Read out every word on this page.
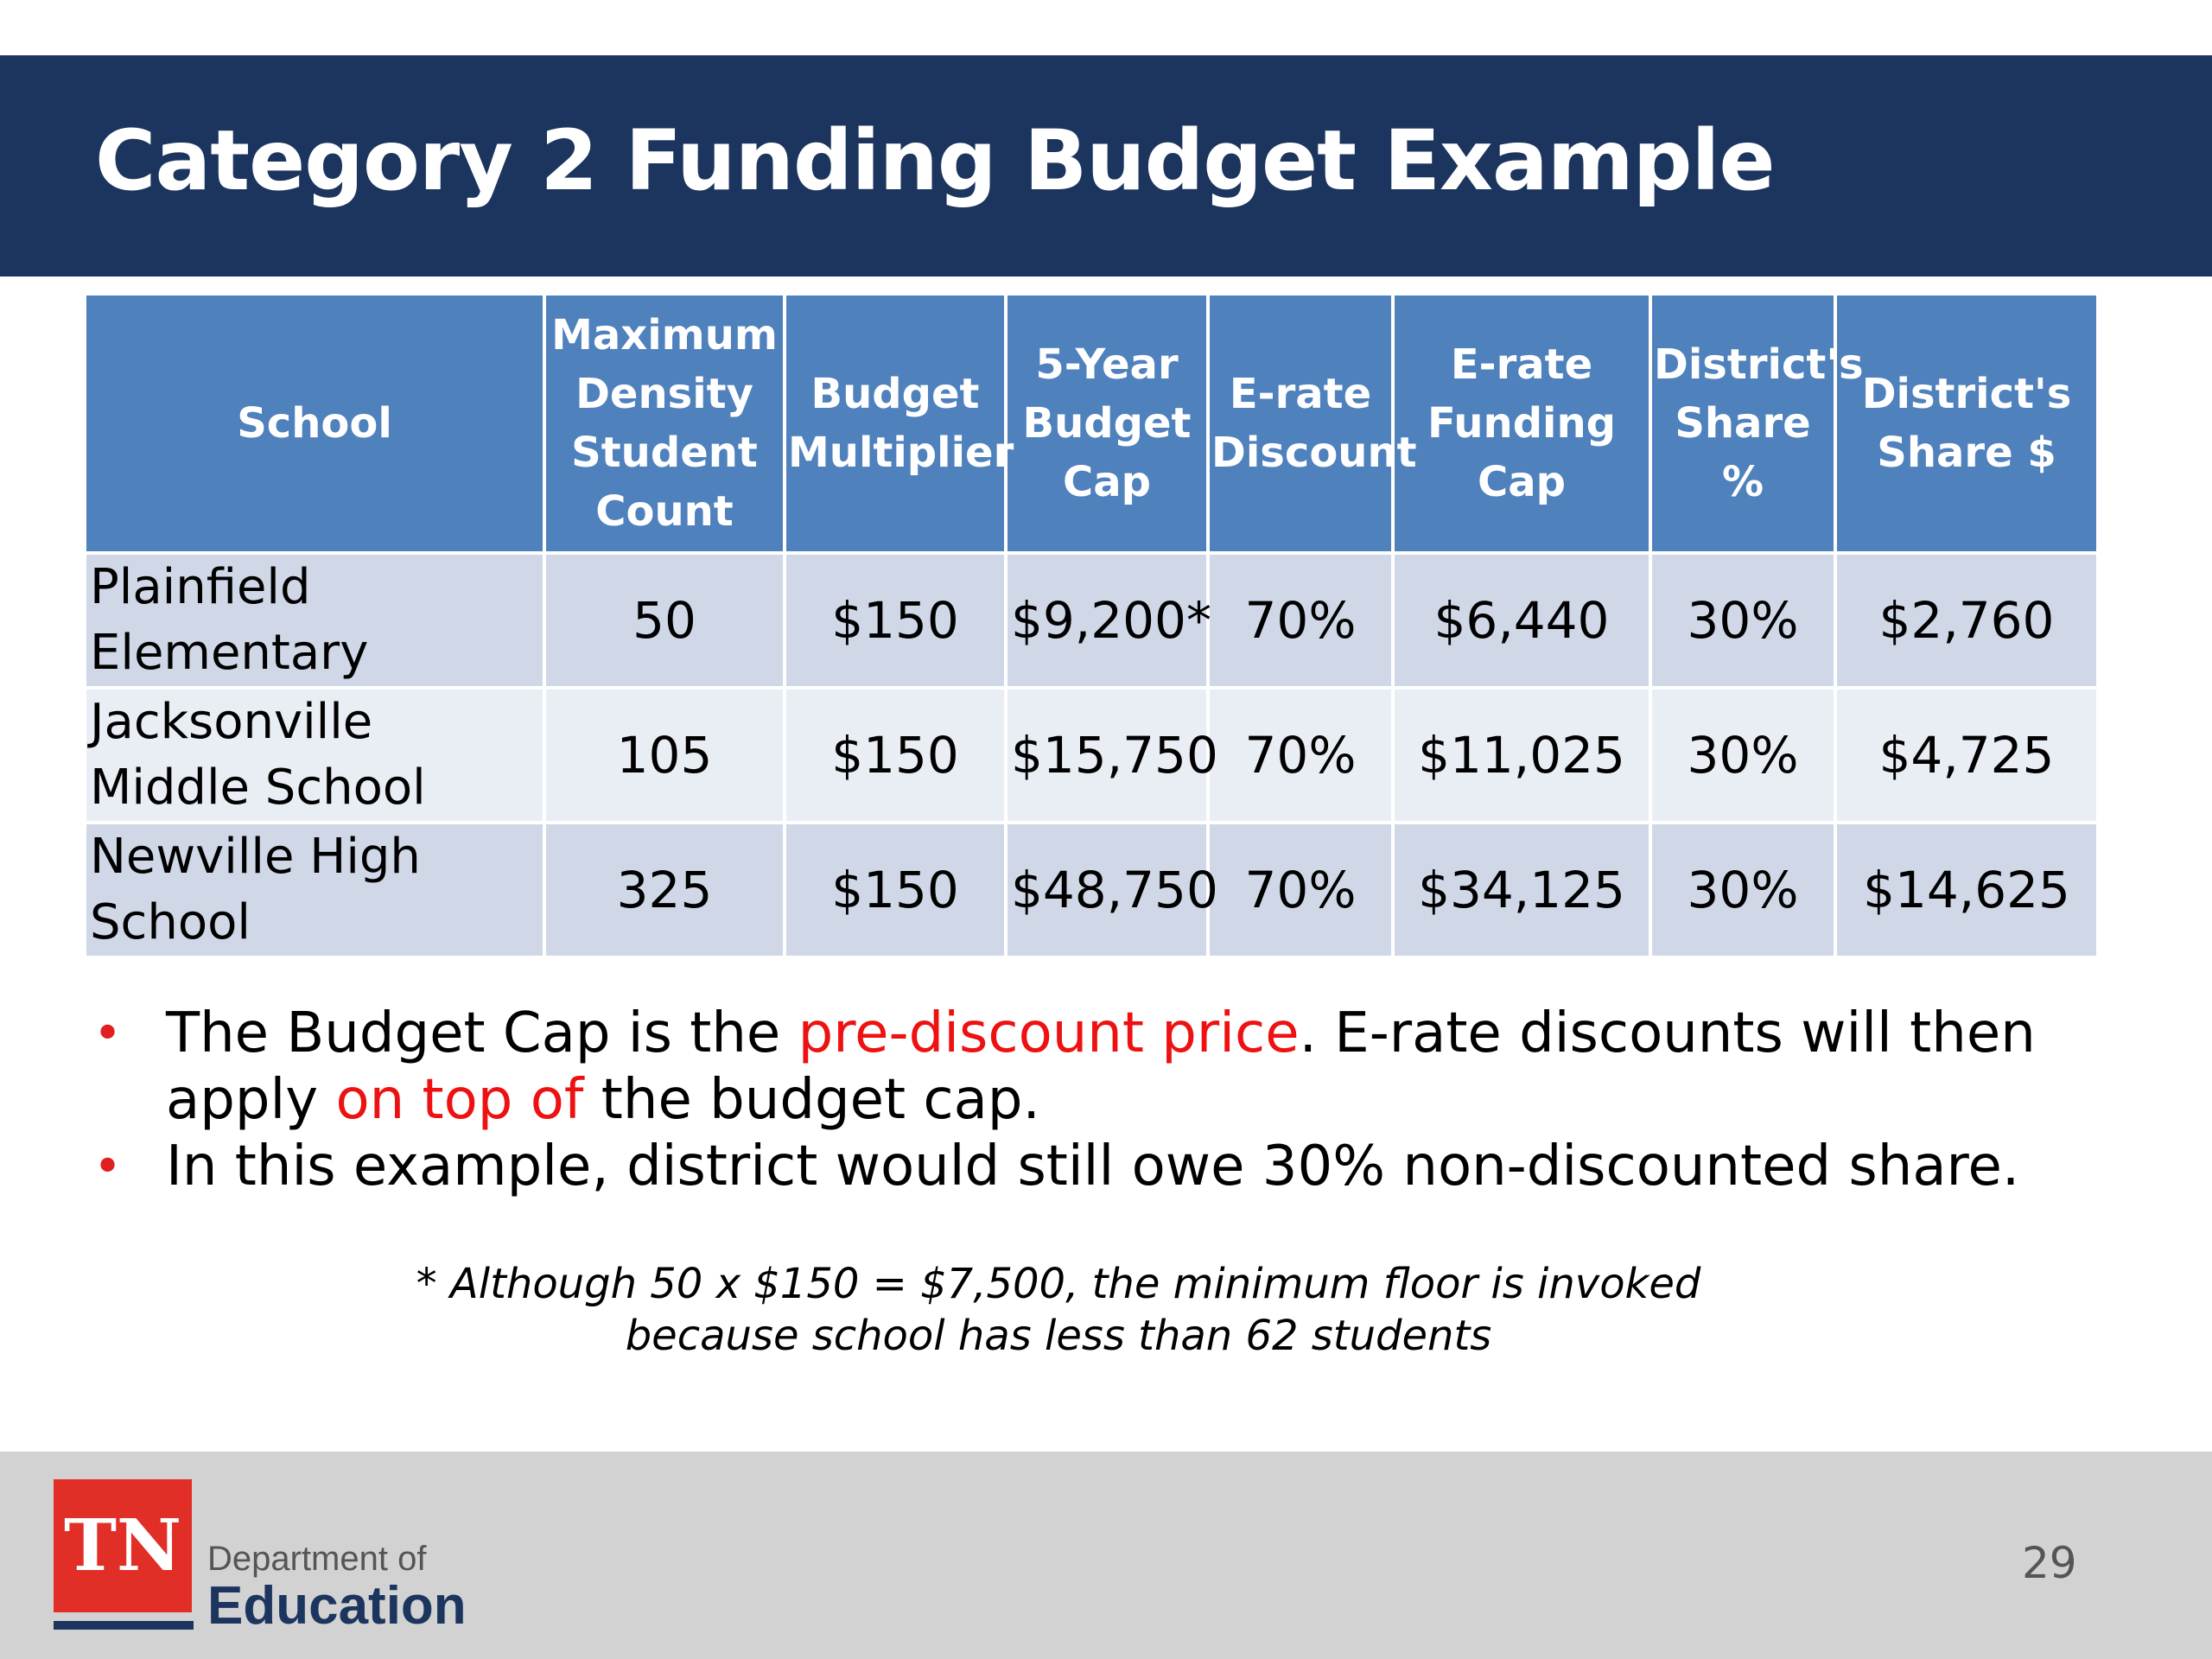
Category 2 Funding Budget Example
School	Maximum Density Student Count	Budget Multiplier	5-Year Budget Cap	E-rate Discount	E-rate Funding Cap	District's Share %	District's Share $
Plainfield Elementary	50	$150	$9,200*	70%	$6,440	30%	$2,760
Jacksonville Middle School	105	$150	$15,750	70%	$11,025	30%	$4,725
Newville High School	325	$150	$48,750	70%	$34,125	30%	$14,625
• The Budget Cap is the pre-discount price. E-rate discounts will then apply on top of the budget cap.
• In this example, district would still owe 30% non-discounted share.
* Although 50 x $150 = $7,500, the minimum floor is invoked
because school has less than 62 students
TN Department of
Education
29
